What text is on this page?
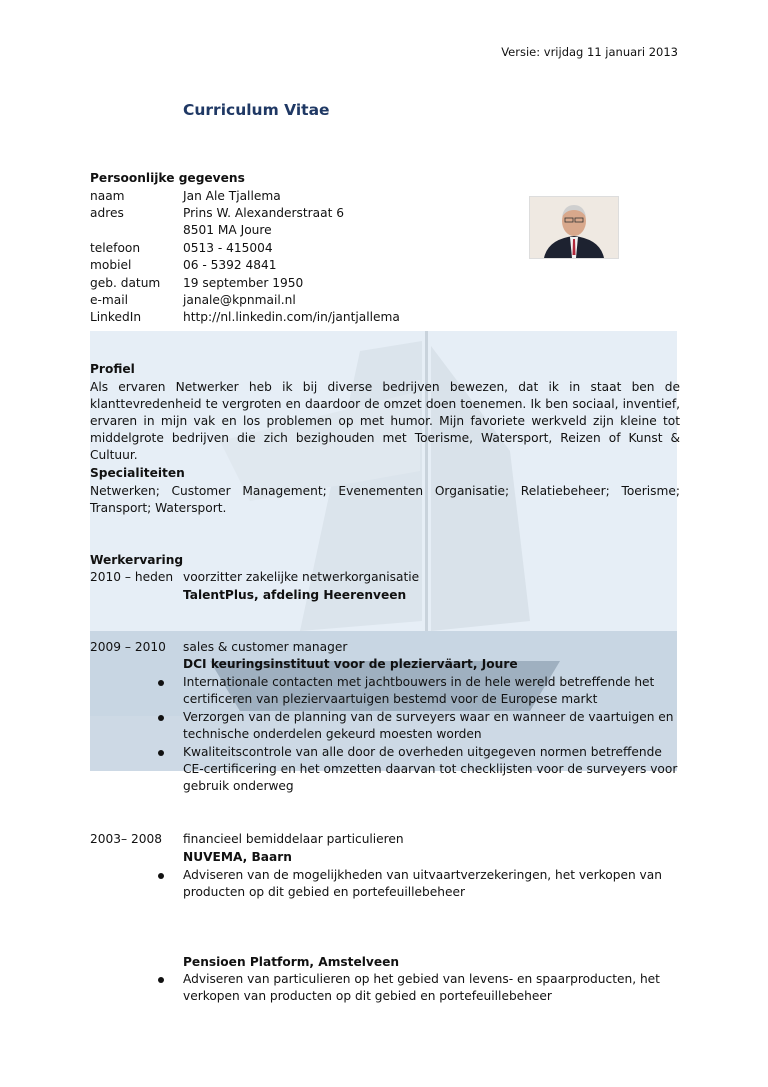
Versie: vrijdag 11 januari 2013
Curriculum Vitae
Persoonlijke gegevens
naam	Jan Ale Tjallema
adres	Prins W. Alexanderstraat 6
8501 MA Joure
telefoon	0513 - 415004
mobiel	06 - 5392 4841
geb. datum 19 september 1950
e-mail	janale@kpnmail.nl
LinkedIn	http://nl.linkedin.com/in/jantjallema
Profiel
Als ervaren Netwerker heb ik bij diverse bedrijven bewezen, dat ik in staat ben de klanttevredenheid te vergroten en daardoor de omzet doen toenemen. Ik ben sociaal, inventief, ervaren in mijn vak en los problemen op met humor. Mijn favoriete werkveld zijn kleine tot middelgrote bedrijven die zich bezighouden met Toerisme, Watersport, Reizen of Kunst & Cultuur.
Specialiteiten
Netwerken; Customer Management; Evenementen Organisatie; Relatiebeheer; Toerisme; Transport; Watersport.
Werkervaring
2010 – heden voorzitter zakelijke netwerkorganisatie
TalentPlus, afdeling Heerenveen
2009 – 2010 sales & customer manager
DCI keuringsinstituut voor de plezierväart, Joure
Internationale contacten met jachtbouwers in de hele wereld betreffende het certificeren van pleziervaartuigen bestemd voor de Europese markt
Verzorgen van de planning van de surveyers waar en wanneer de vaartuigen en technische onderdelen gekeurd moesten worden
Kwaliteitscontrole van alle door de overheden uitgegeven normen betreffende CE-certificering en het omzetten daarvan tot checklijsten voor de surveyers voor gebruik onderweg
2003– 2008 financieel bemiddelaar particulieren
NUVEMA, Baarn
Adviseren van de mogelijkheden van uitvaartverzekeringen, het verkopen van producten op dit gebied en portefeuillebeheer
Pensioen Platform, Amstelveen
Adviseren van particulieren op het gebied van levens- en spaarproducten, het verkopen van producten op dit gebied en portefeuillebeheer
